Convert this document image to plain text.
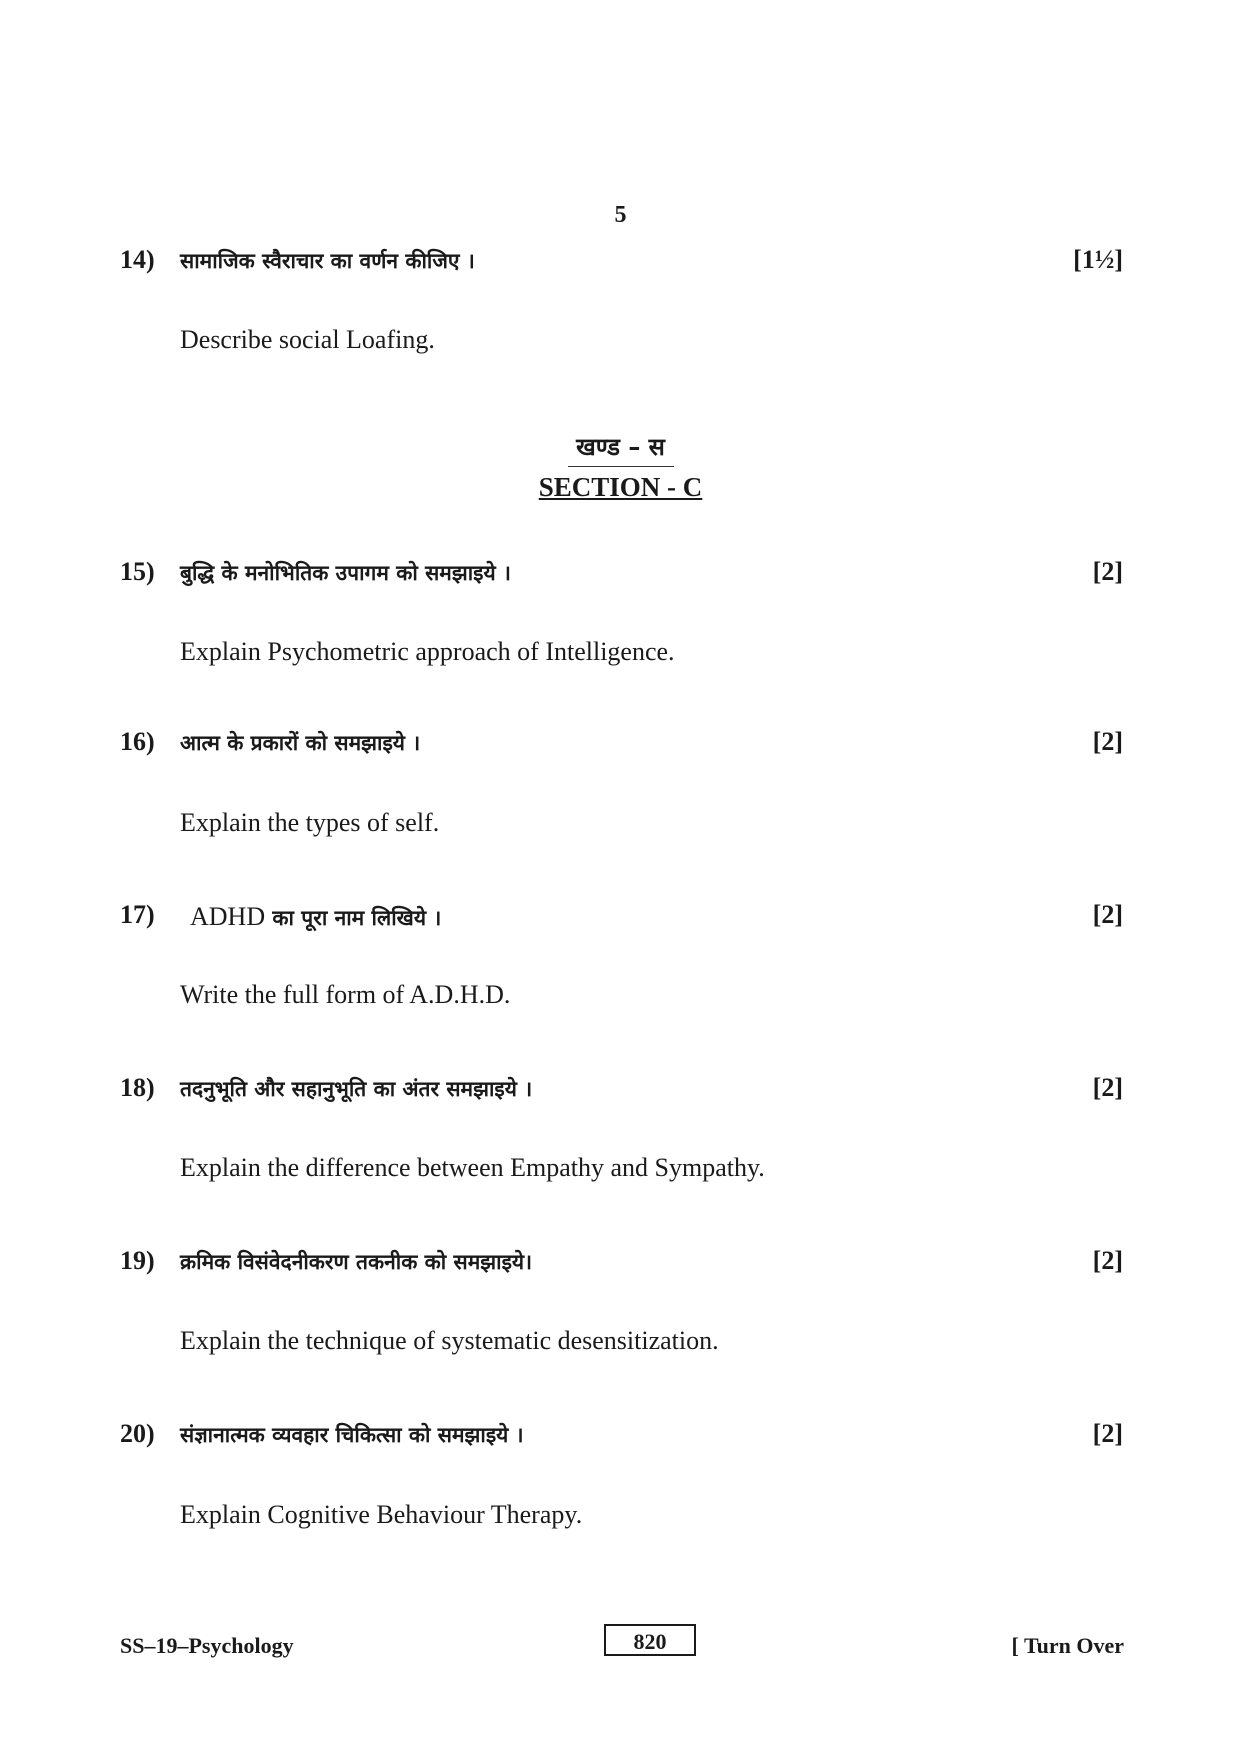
5
14) सामाजिक स्वैराचार का वर्णन कीजिए ।	[1½]
Describe social Loafing.
खण्ड – स
SECTION - C
15) बुद्धि के मनोभितिक उपागम को समझाइये ।	[2]
Explain Psychometric approach of Intelligence.
16) आत्म के प्रकारों को समझाइये ।	[2]
Explain the types of self.
17) ADHD का पूरा नाम लिखिये ।	[2]
Write the full form of A.D.H.D.
18) तदनुभूति और सहानुभूति का अंतर समझाइये ।	[2]
Explain the difference between Empathy and Sympathy.
19) क्रमिक विसंवेदनीकरण तकनीक को समझाइये।	[2]
Explain the technique of systematic desensitization.
20) संज्ञानात्मक व्यवहार चिकित्सा को समझाइये ।	[2]
Explain Cognitive Behaviour Therapy.
SS–19–Psychology	820	[ Turn Over
